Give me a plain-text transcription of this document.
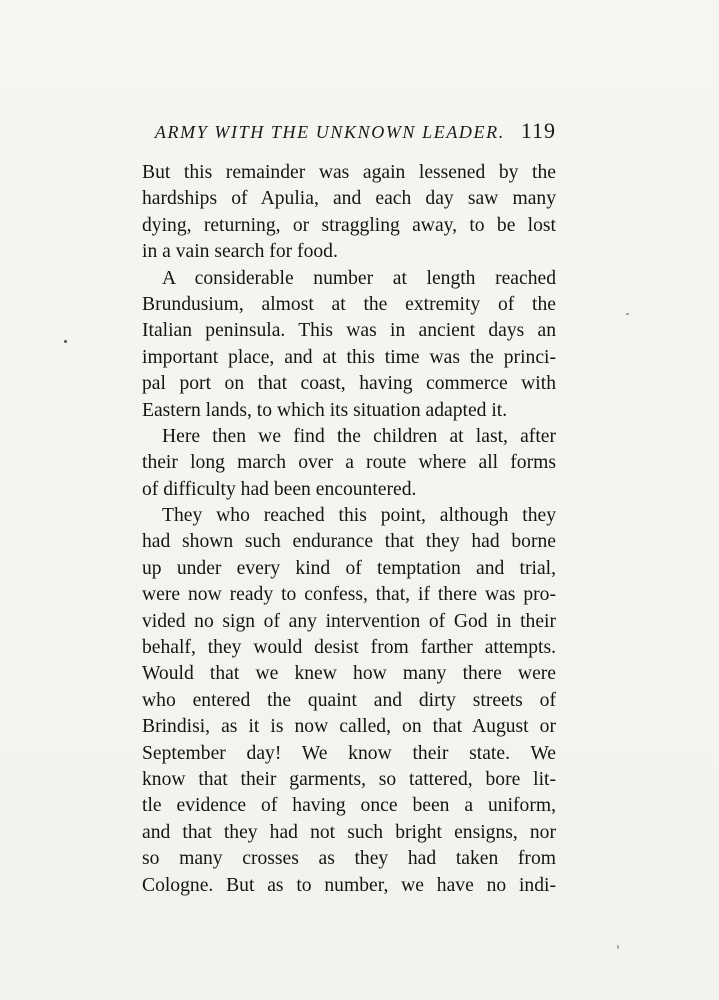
ARMY WITH THE UNKNOWN LEADER. 119
But this remainder was again lessened by the
hardships of Apulia, and each day saw many
dying, returning, or straggling away, to be lost
in a vain search for food.
A considerable number at length reached
Brundusium, almost at the extremity of the
Italian peninsula. This was in ancient days an
important place, and at this time was the princi-
pal port on that coast, having commerce with
Eastern lands, to which its situation adapted it.
Here then we find the children at last, after
their long march over a route where all forms
of difficulty had been encountered.
They who reached this point, although they
had shown such endurance that they had borne
up under every kind of temptation and trial,
were now ready to confess, that, if there was pro-
vided no sign of any intervention of God in their
behalf, they would desist from farther attempts.
Would that we knew how many there were
who entered the quaint and dirty streets of
Brindisi, as it is now called, on that August or
September day! We know their state. We
know that their garments, so tattered, bore lit-
tle evidence of having once been a uniform,
and that they had not such bright ensigns, nor
so many crosses as they had taken from
Cologne. But as to number, we have no indi-
